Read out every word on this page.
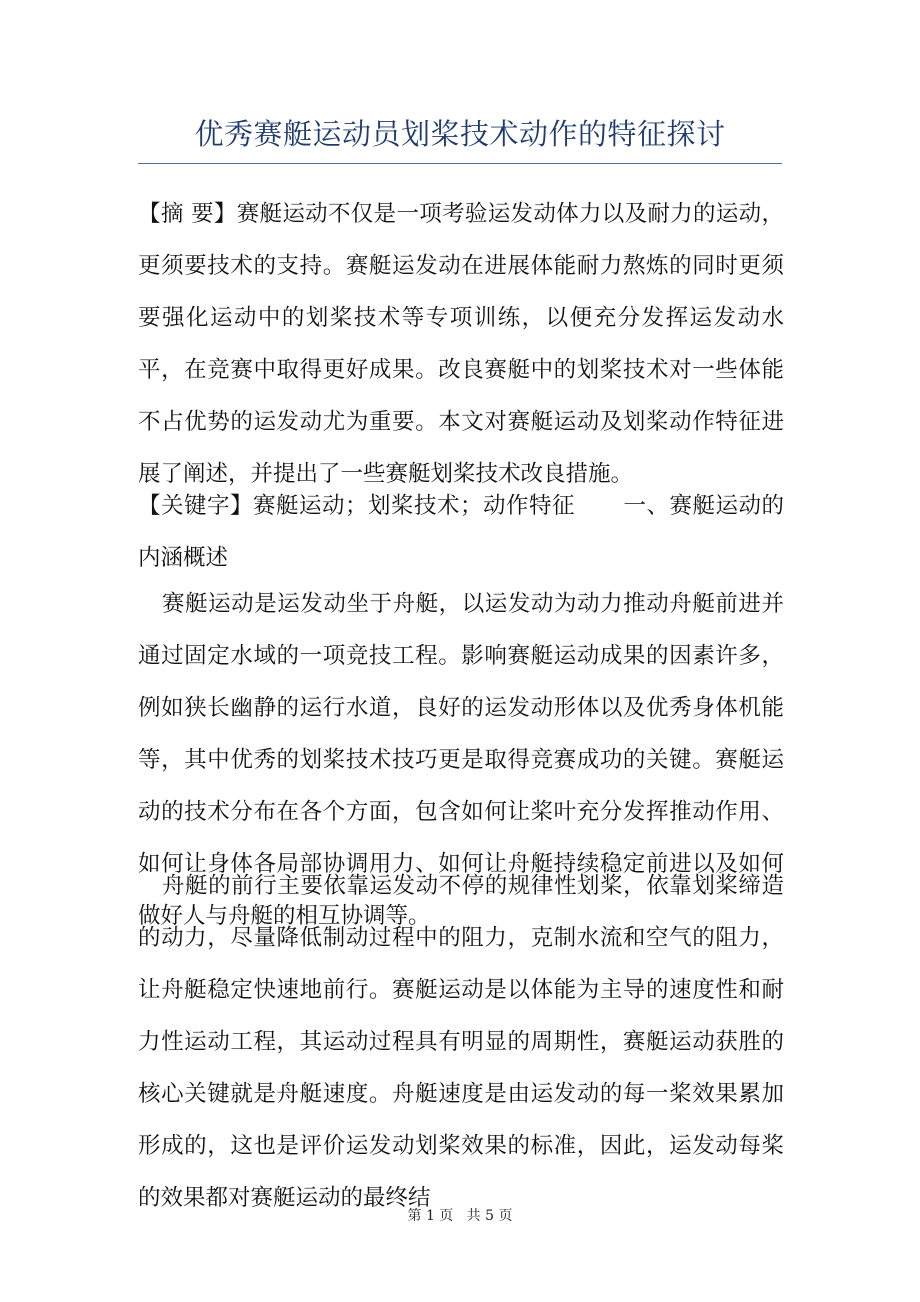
优秀赛艇运动员划桨技术动作的特征探讨

【摘 要】赛艇运动不仅是一项考验运发动体力以及耐力的运动，更须要技术的支持。赛艇运发动在进展体能耐力熬炼的同时更须要强化运动中的划桨技术等专项训练，以便充分发挥运发动水平，在竞赛中取得更好成果。改良赛艇中的划桨技术对一些体能不占优势的运发动尤为重要。本文对赛艇运动及划桨动作特征进展了阐述，并提出了一些赛艇划桨技术改良措施。

【关键字】赛艇运动；划桨技术；动作特征 一、赛艇运动的内涵概述

赛艇运动是运发动坐于舟艇，以运发动为动力推动舟艇前进并通过固定水域的一项竞技工程。影响赛艇运动成果的因素许多，例如狭长幽静的运行水道，良好的运发动形体以及优秀身体机能等，其中优秀的划桨技术技巧更是取得竞赛成功的关键。赛艇运动的技术分布在各个方面，包含如何让桨叶充分发挥推动作用、如何让身体各局部协调用力、如何让舟艇持续稳定前进以及如何做好人与舟艇的相互协调等。

舟艇的前行主要依靠运发动不停的规律性划桨，依靠划桨缔造的动力，尽量降低制动过程中的阻力，克制水流和空气的阻力，让舟艇稳定快速地前行。赛艇运动是以体能为主导的速度性和耐力性运动工程，其运动过程具有明显的周期性，赛艇运动获胜的核心关键就是舟艇速度。舟艇速度是由运发动的每一桨效果累加形成的，这也是评价运发动划桨效果的标准，因此，运发动每桨的效果都对赛艇运动的最终结

第 1 页 共 5 页
